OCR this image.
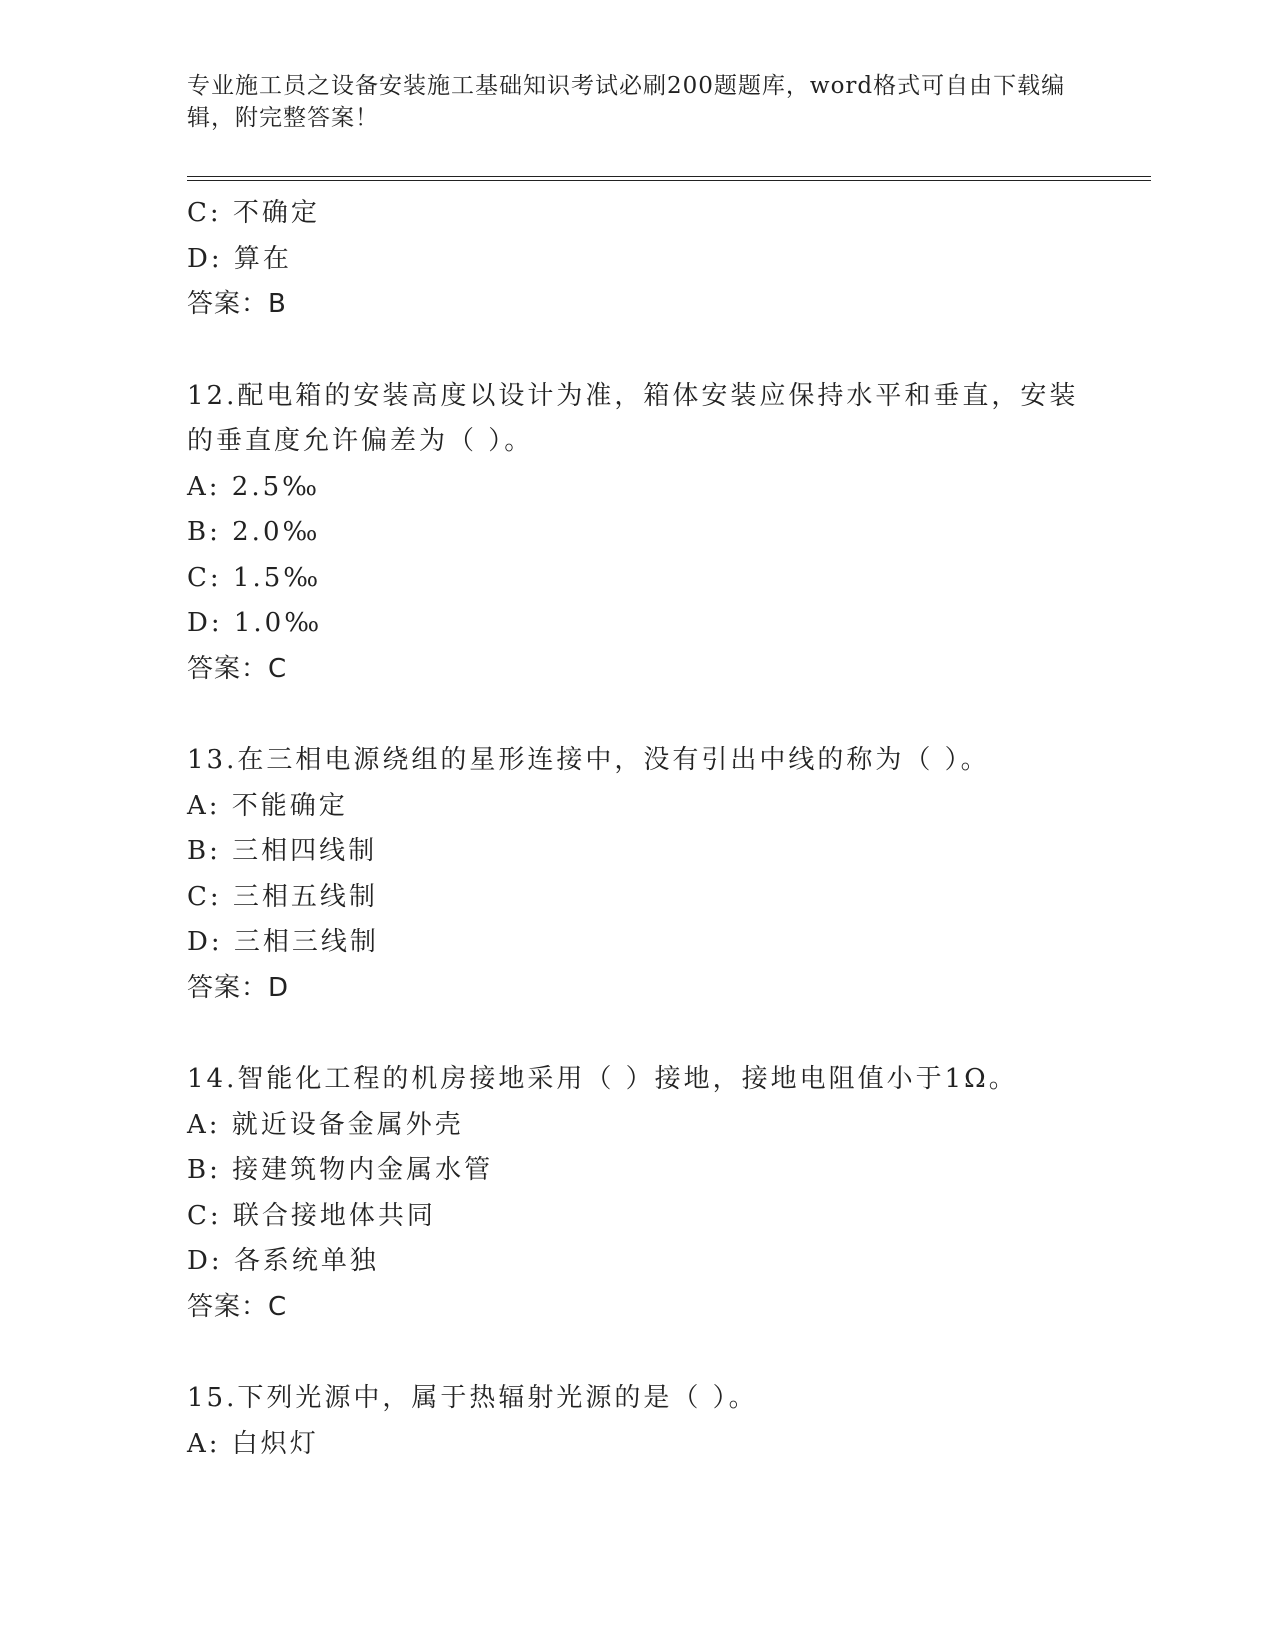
专业施工员之设备安装施工基础知识考试必刷200题题库，word格式可自由下载编辑，附完整答案！

C: 不确定
D: 算在
答案：B
12.配电箱的安装高度以设计为准，箱体安装应保持水平和垂直，安装
的垂直度允许偏差为（ ）。
A: 2.5‰
B: 2.0‰
C: 1.5‰
D: 1.0‰
答案：C
13.在三相电源绕组的星形连接中，没有引出中线的称为（ ）。
A: 不能确定
B: 三相四线制
C: 三相五线制
D: 三相三线制
答案：D
14.智能化工程的机房接地采用（ ）接地，接地电阻值小于1Ω。
A: 就近设备金属外壳
B: 接建筑物内金属水管
C: 联合接地体共同
D: 各系统单独
答案：C
15.下列光源中，属于热辐射光源的是（ ）。
A: 白炽灯
